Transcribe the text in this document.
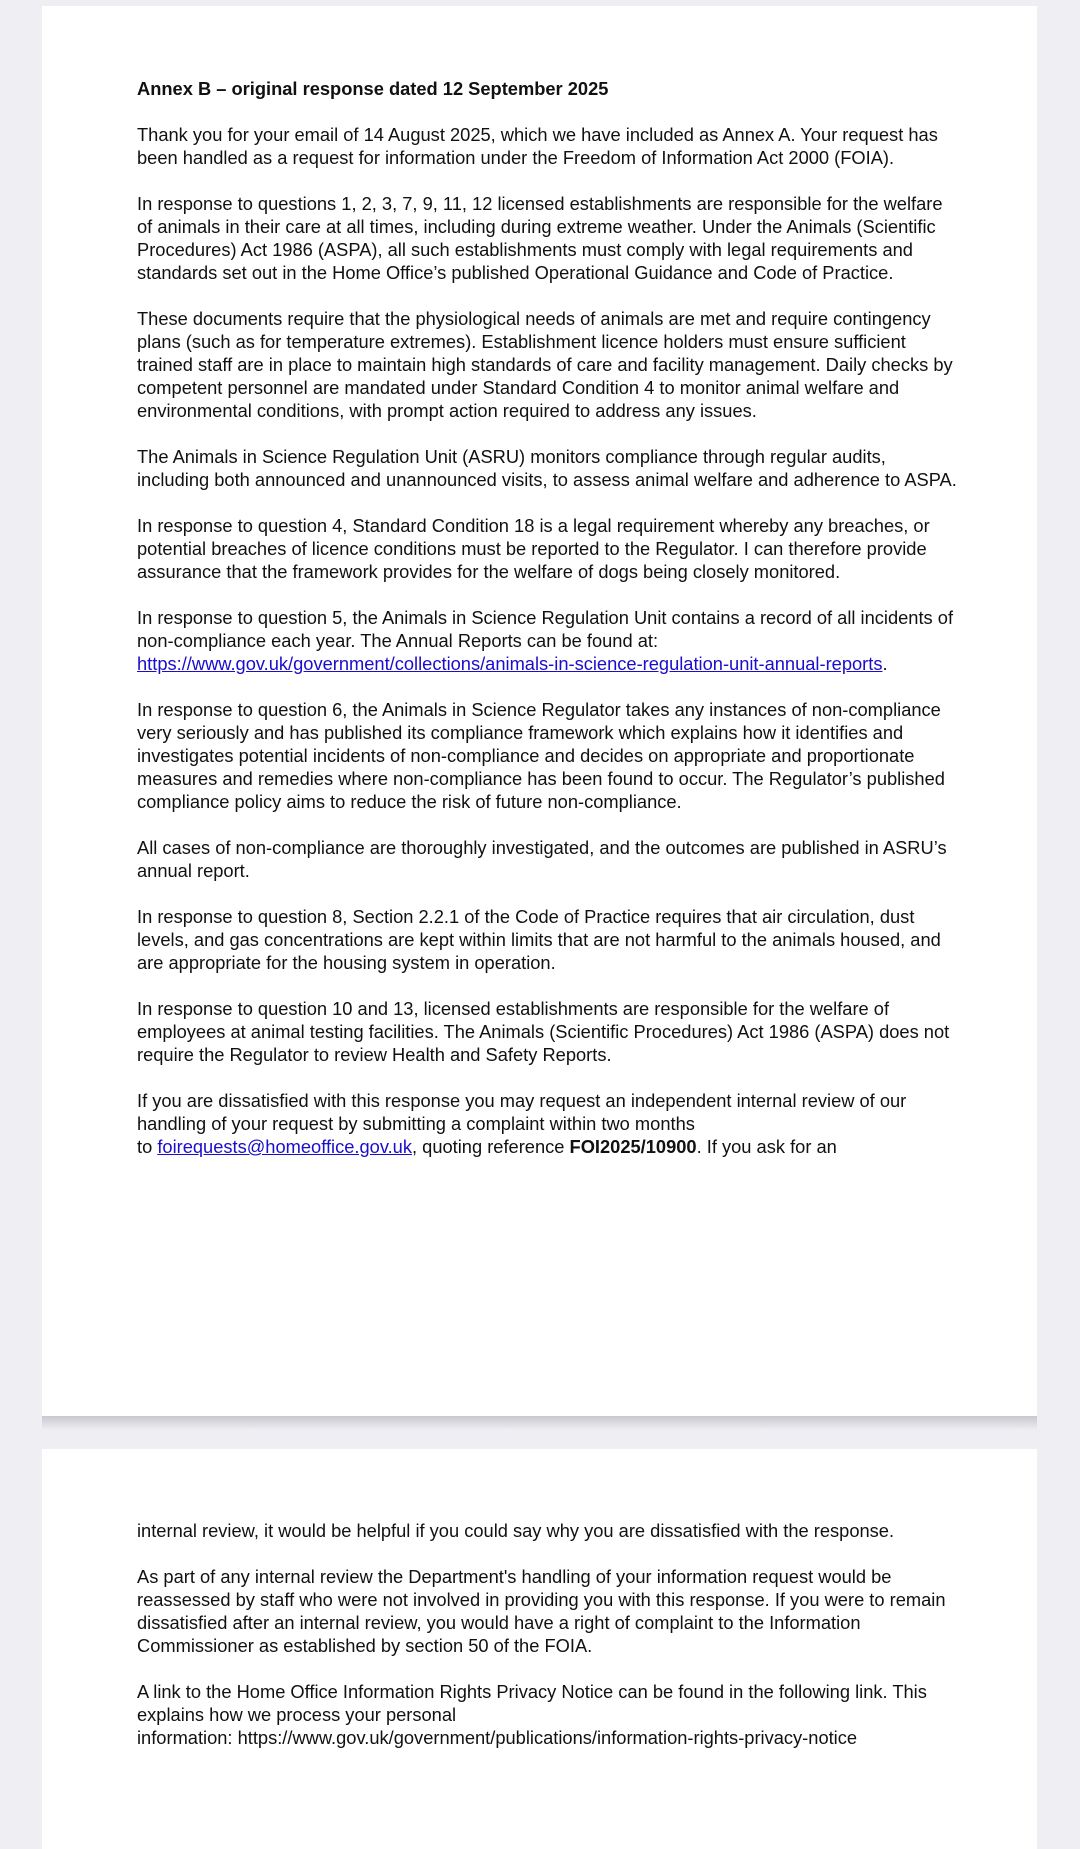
Annex B – original response dated 12 September 2025

Thank you for your email of 14 August 2025, which we have included as Annex A. Your request has been handled as a request for information under the Freedom of Information Act 2000 (FOIA).

In response to questions 1, 2, 3, 7, 9, 11, 12 licensed establishments are responsible for the welfare of animals in their care at all times, including during extreme weather. Under the Animals (Scientific Procedures) Act 1986 (ASPA), all such establishments must comply with legal requirements and standards set out in the Home Office’s published Operational Guidance and Code of Practice.

These documents require that the physiological needs of animals are met and require contingency plans (such as for temperature extremes). Establishment licence holders must ensure sufficient trained staff are in place to maintain high standards of care and facility management. Daily checks by competent personnel are mandated under Standard Condition 4 to monitor animal welfare and environmental conditions, with prompt action required to address any issues.

The Animals in Science Regulation Unit (ASRU) monitors compliance through regular audits, including both announced and unannounced visits, to assess animal welfare and adherence to ASPA.

In response to question 4, Standard Condition 18 is a legal requirement whereby any breaches, or potential breaches of licence conditions must be reported to the Regulator. I can therefore provide assurance that the framework provides for the welfare of dogs being closely monitored.

In response to question 5, the Animals in Science Regulation Unit contains a record of all incidents of non-compliance each year. The Annual Reports can be found at: https://www.gov.uk/government/collections/animals-in-science-regulation-unit-annual-reports.

In response to question 6, the Animals in Science Regulator takes any instances of non-compliance very seriously and has published its compliance framework which explains how it identifies and investigates potential incidents of non-compliance and decides on appropriate and proportionate measures and remedies where non-compliance has been found to occur. The Regulator’s published compliance policy aims to reduce the risk of future non-compliance.

All cases of non-compliance are thoroughly investigated, and the outcomes are published in ASRU’s annual report.

In response to question 8, Section 2.2.1 of the Code of Practice requires that air circulation, dust levels, and gas concentrations are kept within limits that are not harmful to the animals housed, and are appropriate for the housing system in operation.

In response to question 10 and 13, licensed establishments are responsible for the welfare of employees at animal testing facilities. The Animals (Scientific Procedures) Act 1986 (ASPA) does not require the Regulator to review Health and Safety Reports.

If you are dissatisfied with this response you may request an independent internal review of our handling of your request by submitting a complaint within two months
to foirequests@homeoffice.gov.uk, quoting reference FOI2025/10900. If you ask for an

internal review, it would be helpful if you could say why you are dissatisfied with the response.

As part of any internal review the Department's handling of your information request would be reassessed by staff who were not involved in providing you with this response. If you were to remain dissatisfied after an internal review, you would have a right of complaint to the Information Commissioner as established by section 50 of the FOIA.

A link to the Home Office Information Rights Privacy Notice can be found in the following link. This explains how we process your personal
information: https://www.gov.uk/government/publications/information-rights-privacy-notice
